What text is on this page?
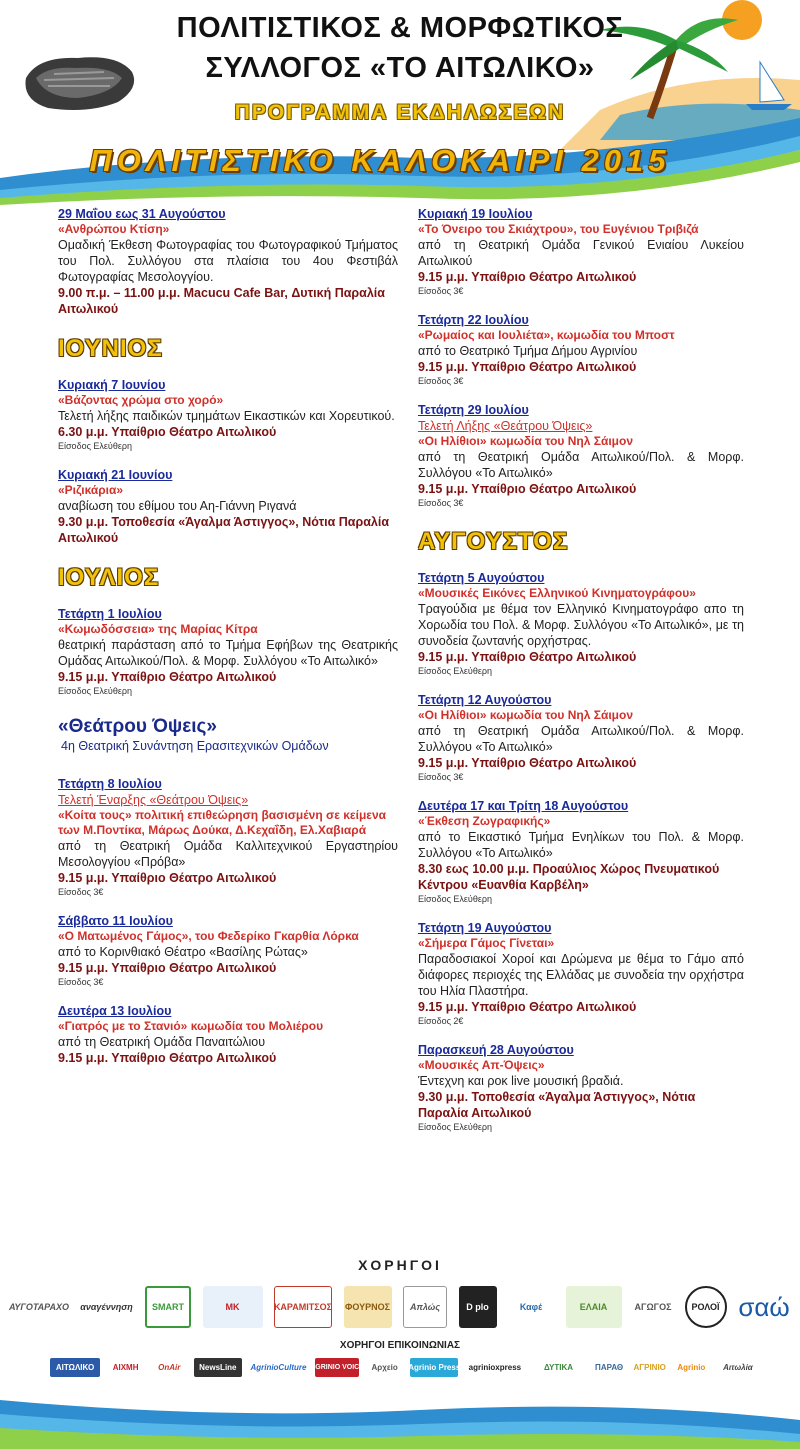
ΠΟΛΙΤΙΣΤΙΚΟΣ & ΜΟΡΦΩΤΙΚΟΣ
ΣΥΛΛΟΓΟΣ «ΤΟ ΑΙΤΩΛΙΚΟ»
ΠΡΟΓΡΑΜΜΑ ΕΚΔΗΛΩΣΕΩΝ
ΠΟΛΙΤΙΣΤΙΚΟ ΚΑΛΟΚΑΙΡΙ 2015
29 Μαΐου εως 31 Αυγούστου
«Ανθρώπου Κτίση»
Ομαδική Έκθεση Φωτογραφίας του Φωτογραφικού Τμήματος του Πολ. Συλλόγου στα πλαίσια του 4ου Φεστιβάλ Φωτογραφίας Μεσολογγίου.
9.00 π.μ. – 11.00 μ.μ. Macucu Cafe Bar, Δυτική Παραλία Αιτωλικού
ΙΟΥΝΙΟΣ
Κυριακή 7 Ιουνίου
«Βάζοντας χρώμα στο χορό»
Τελετή λήξης παιδικών τμημάτων Εικαστικών και Χορευτικού.
6.30 μ.μ. Υπαίθριο Θέατρο Αιτωλικού
Είσοδος Ελεύθερη
Κυριακή 21 Ιουνίου
«Ριζικάρια»
αναβίωση του εθίμου του Αη-Γιάννη Ριγανά
9.30 μ.μ. Τοποθεσία «Άγαλμα Άστιγγος», Νότια Παραλία Αιτωλικού
ΙΟΥΛΙΟΣ
Τετάρτη 1 Ιουλίου
«Κωμωδόσσεια» της Μαρίας Κίτρα
θεατρική παράσταση από το Τμήμα Εφήβων της Θεατρικής Ομάδας Αιτωλικού/Πολ. & Μορφ. Συλλόγου «Το Αιτωλικό»
9.15 μ.μ. Υπαίθριο Θέατρο Αιτωλικού
Είσοδος Ελεύθερη
«Θεάτρου Όψεις»
4η Θεατρική Συνάντηση Ερασιτεχνικών Ομάδων
Τετάρτη 8 Ιουλίου
Τελετή Έναρξης «Θεάτρου Όψεις»
«Κοίτα τους» πολιτική επιθεώρηση βασισμένη σε κείμενα των Μ.Ποντίκα, Μάρως Δούκα, Δ.Κεχαΐδη, Ελ.Χαβιαρά
από τη Θεατρική Ομάδα Καλλιτεχνικού Εργαστηρίου Μεσολογγίου «Πρόβα»
9.15 μ.μ. Υπαίθριο Θέατρο Αιτωλικού
Είσοδος 3€
Σάββατο 11 Ιουλίου
«Ο Ματωμένος Γάμος», του Φεδερίκο Γκαρθία Λόρκα
από το Κορινθιακό Θέατρο «Βασίλης Ρώτας»
9.15 μ.μ. Υπαίθριο Θέατρο Αιτωλικού
Είσοδος 3€
Δευτέρα 13 Ιουλίου
«Γιατρός με το Στανιό» κωμωδία του Μολιέρου
από τη Θεατρική Ομάδα Παναιτώλιου
9.15 μ.μ. Υπαίθριο Θέατρο Αιτωλικού
Κυριακή 19 Ιουλίου
«Το Όνειρο του Σκιάχτρου», του Ευγένιου Τριβιζά
από τη Θεατρική Ομάδα Γενικού Ενιαίου Λυκείου Αιτωλικού
9.15 μ.μ. Υπαίθριο Θέατρο Αιτωλικού
Είσοδος 3€
Τετάρτη 22 Ιουλίου
«Ρωμαίος και Ιουλιέτα», κωμωδία του Μποστ
από το Θεατρικό Τμήμα Δήμου Αγρινίου
9.15 μ.μ. Υπαίθριο Θέατρο Αιτωλικού
Είσοδος 3€
Τετάρτη 29 Ιουλίου
Τελετή Λήξης «Θεάτρου Όψεις»
«Οι Ηλίθιοι» κωμωδία του Νηλ Σάιμον
από τη Θεατρική Ομάδα Αιτωλικού/Πολ. & Μορφ. Συλλόγου «Το Αιτωλικό»
9.15 μ.μ. Υπαίθριο Θέατρο Αιτωλικού
Είσοδος 3€
ΑΥΓΟΥΣΤΟΣ
Τετάρτη 5 Αυγούστου
«Μουσικές Εικόνες Ελληνικού Κινηματογράφου»
Τραγούδια με θέμα τον Ελληνικό Κινηματογράφο απο τη Χορωδία του Πολ. & Μορφ. Συλλόγου «Το Αιτωλικό», με τη συνοδεία ζωντανής ορχήστρας.
9.15 μ.μ. Υπαίθριο Θέατρο Αιτωλικού
Είσοδος Ελεύθερη
Τετάρτη 12 Αυγούστου
«Οι Ηλίθιοι» κωμωδία του Νηλ Σάιμον
από τη Θεατρική Ομάδα Αιτωλικού/Πολ. & Μορφ. Συλλόγου «Το Αιτωλικό»
9.15 μ.μ. Υπαίθριο Θέατρο Αιτωλικού
Είσοδος 3€
Δευτέρα 17 και Τρίτη 18 Αυγούστου
«Έκθεση Ζωγραφικής»
από το Εικαστικό Τμήμα Ενηλίκων του Πολ. & Μορφ. Συλλόγου «Το Αιτωλικό»
8.30 εως 10.00 μ.μ. Προαύλιος Χώρος Πνευματικού Κέντρου «Ευανθία Καρβέλη»
Είσοδος Ελεύθερη
Τετάρτη 19 Αυγούστου
«Σήμερα Γάμος Γίνεται»
Παραδοσιακοί Χοροί και Δρώμενα με θέμα το Γάμο από διάφορες περιοχές της Ελλάδας με συνοδεία την ορχήστρα του Ηλία Πλαστήρα.
9.15 μ.μ. Υπαίθριο Θέατρο Αιτωλικού
Είσοδος 2€
Παρασκευή 28 Αυγούστου
«Μουσικές Απ-Όψεις»
Έντεχνη και ροκ live μουσική βραδιά.
9.30 μ.μ. Τοποθεσία «Άγαλμα Άστιγγος», Νότια Παραλία Αιτωλικού
Είσοδος Ελεύθερη
ΧΟΡΗΓΟΙ
ΑΥΓΟΤΑΡΑΧΟ αναγέννηση	SMART	ΜΚ	ΚΑΡΑΜΙΤΣΟΣ ΦΟΥΡΝΟΣ	Απλώς	D plo	Καφέ	ΕΛΑΙΑ	ΑΓΩΓΟΣ	ΡΟΛΟΪ σαώ
ΧΟΡΗΓΟΙ ΕΠΙΚΟΙΝΩΝΙΑΣ
ΑΙΤΩΛΙΚΟ	ΑΙΧΜΗ	OnAir	NewsLine	AgrinioCulture AGRINIO VOICE Αρχείο	Agrinio Press	agrinioxpress	ΔΥΤΙΚΑ	ΠΑΡΑΘ	ΑΓΡΙΝΙΟ	Agrinio	Αιτωλία
